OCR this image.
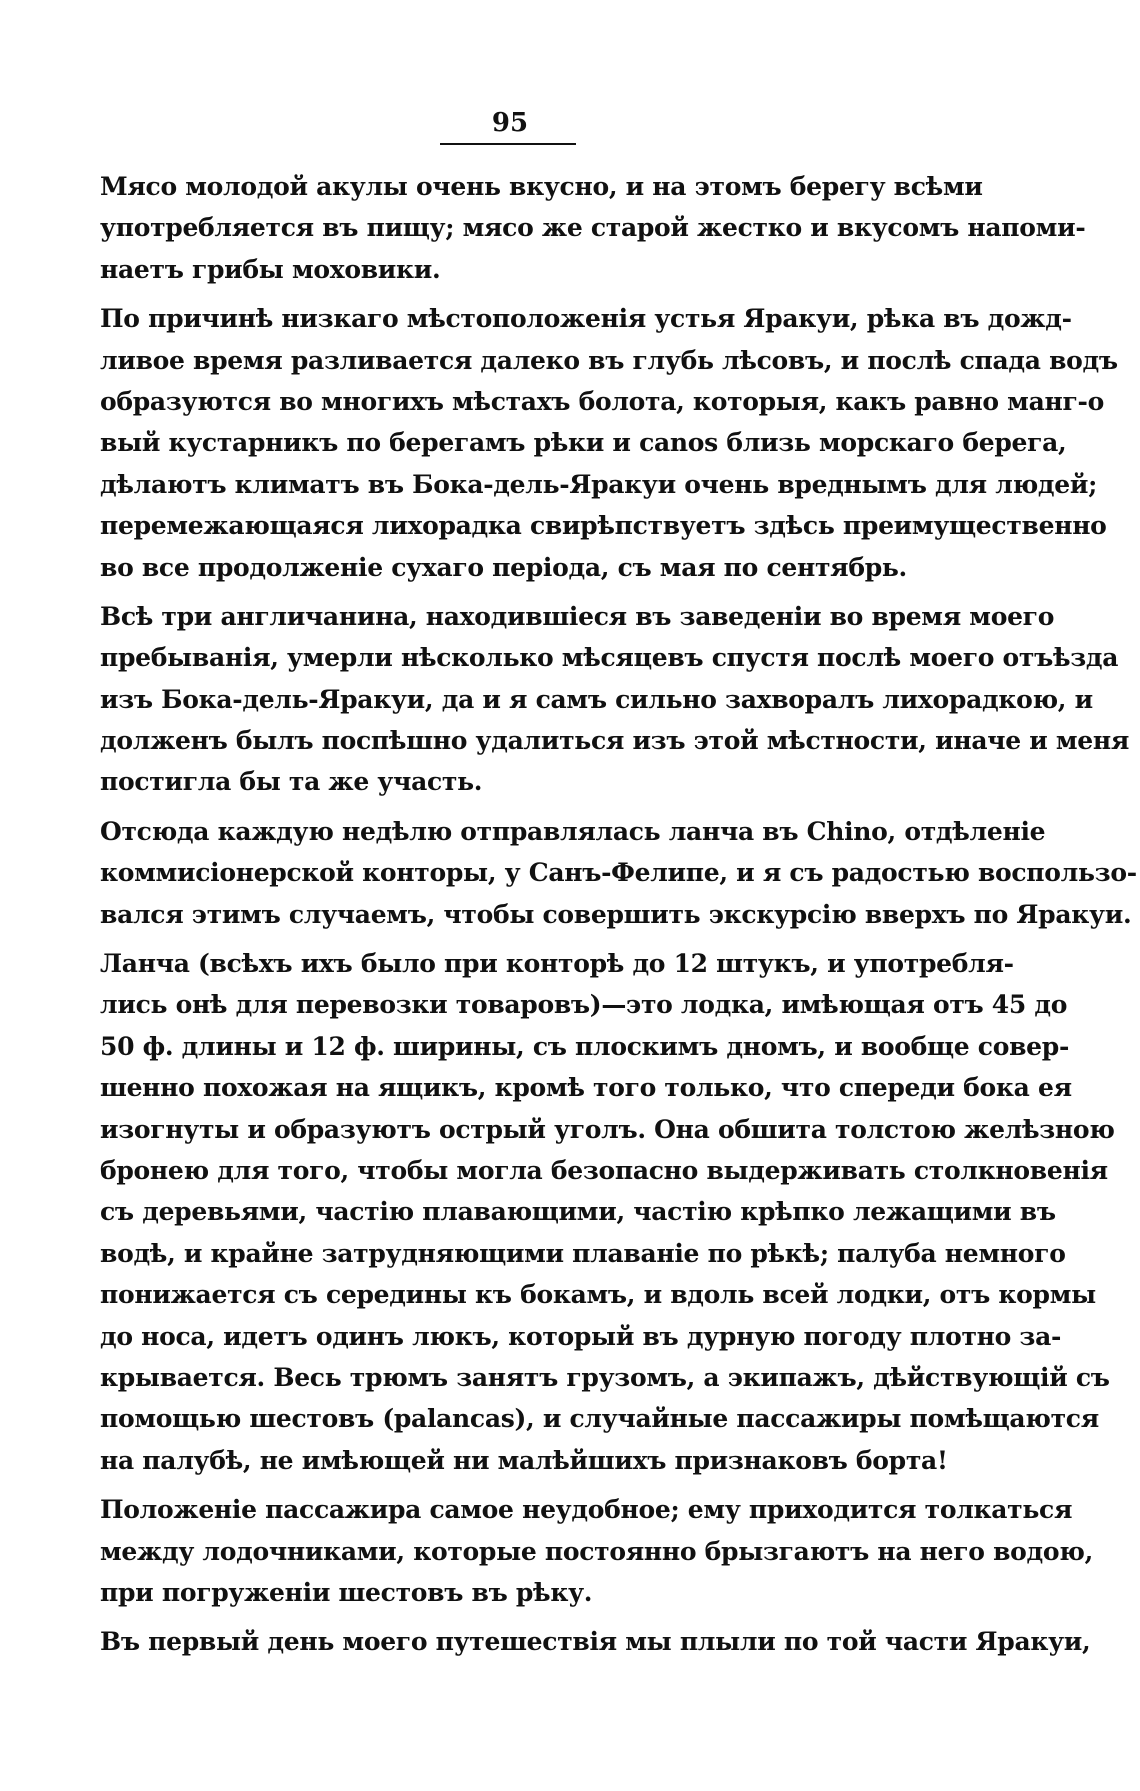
95
Мясо молодой акулы очень вкусно, и на этомъ берегу всѣми
употребляется въ пищу; мясо же старой жестко и вкусомъ напоми-
наетъ грибы моховики.
По причинѣ низкаго мѣстоположенія устья Яракуи, рѣка въ дожд-
ливое время разливается далеко въ глубь лѣсовъ, и послѣ спада водъ
образуются во многихъ мѣстахъ болота, которыя, какъ равно манг-о
вый кустарникъ по берегамъ рѣки и canos близь морскаго берега,
дѣлаютъ климатъ въ Бока-дель-Яракуи очень вреднымъ для людей;
перемежающаяся лихорадка свирѣпствуетъ здѣсь преимущественно
во все продолженіе сухаго періода, съ мая по сентябрь.
Всѣ три англичанина, находившіеся въ заведеніи во время моего
пребыванія, умерли нѣсколько мѣсяцевъ спустя послѣ моего отъѣзда
изъ Бока-дель-Яракуи, да и я самъ сильно захворалъ лихорадкою, и
долженъ былъ поспѣшно удалиться изъ этой мѣстности, иначе и меня
постигла бы та же участь.
Отсюда каждую недѣлю отправлялась ланча въ Chino, отдѣленіе
коммисіонерской конторы, у Санъ-Фелипе, и я съ радостью воспользо-
вался этимъ случаемъ, чтобы совершить экскурсію вверхъ по Яракуи.
Ланча (всѣхъ ихъ было при конторѣ до 12 штукъ, и употребля-
лись онѣ для перевозки товаровъ)—это лодка, имѣющая отъ 45 до
50 ф. длины и 12 ф. ширины, съ плоскимъ дномъ, и вообще совер-
шенно похожая на ящикъ, кромѣ того только, что спереди бока ея
изогнуты и образуютъ острый уголъ. Она обшита толстою желѣзною
бронею для того, чтобы могла безопасно выдерживать столкновенія
съ деревьями, частію плавающими, частію крѣпко лежащими въ
водѣ, и крайне затрудняющими плаваніе по рѣкѣ; палуба немного
понижается съ середины къ бокамъ, и вдоль всей лодки, отъ кормы
до носа, идетъ одинъ люкъ, который въ дурную погоду плотно за-
крывается. Весь трюмъ занятъ грузомъ, а экипажъ, дѣйствующій съ
помощью шестовъ (palancas), и случайные пассажиры помѣщаются
на палубѣ, не имѣющей ни малѣйшихъ признаковъ борта!
Положеніе пассажира самое неудобное; ему приходится толкаться
между лодочниками, которые постоянно брызгаютъ на него водою,
при погруженіи шестовъ въ рѣку.
Въ первый день моего путешествія мы плыли по той части Яракуи,
